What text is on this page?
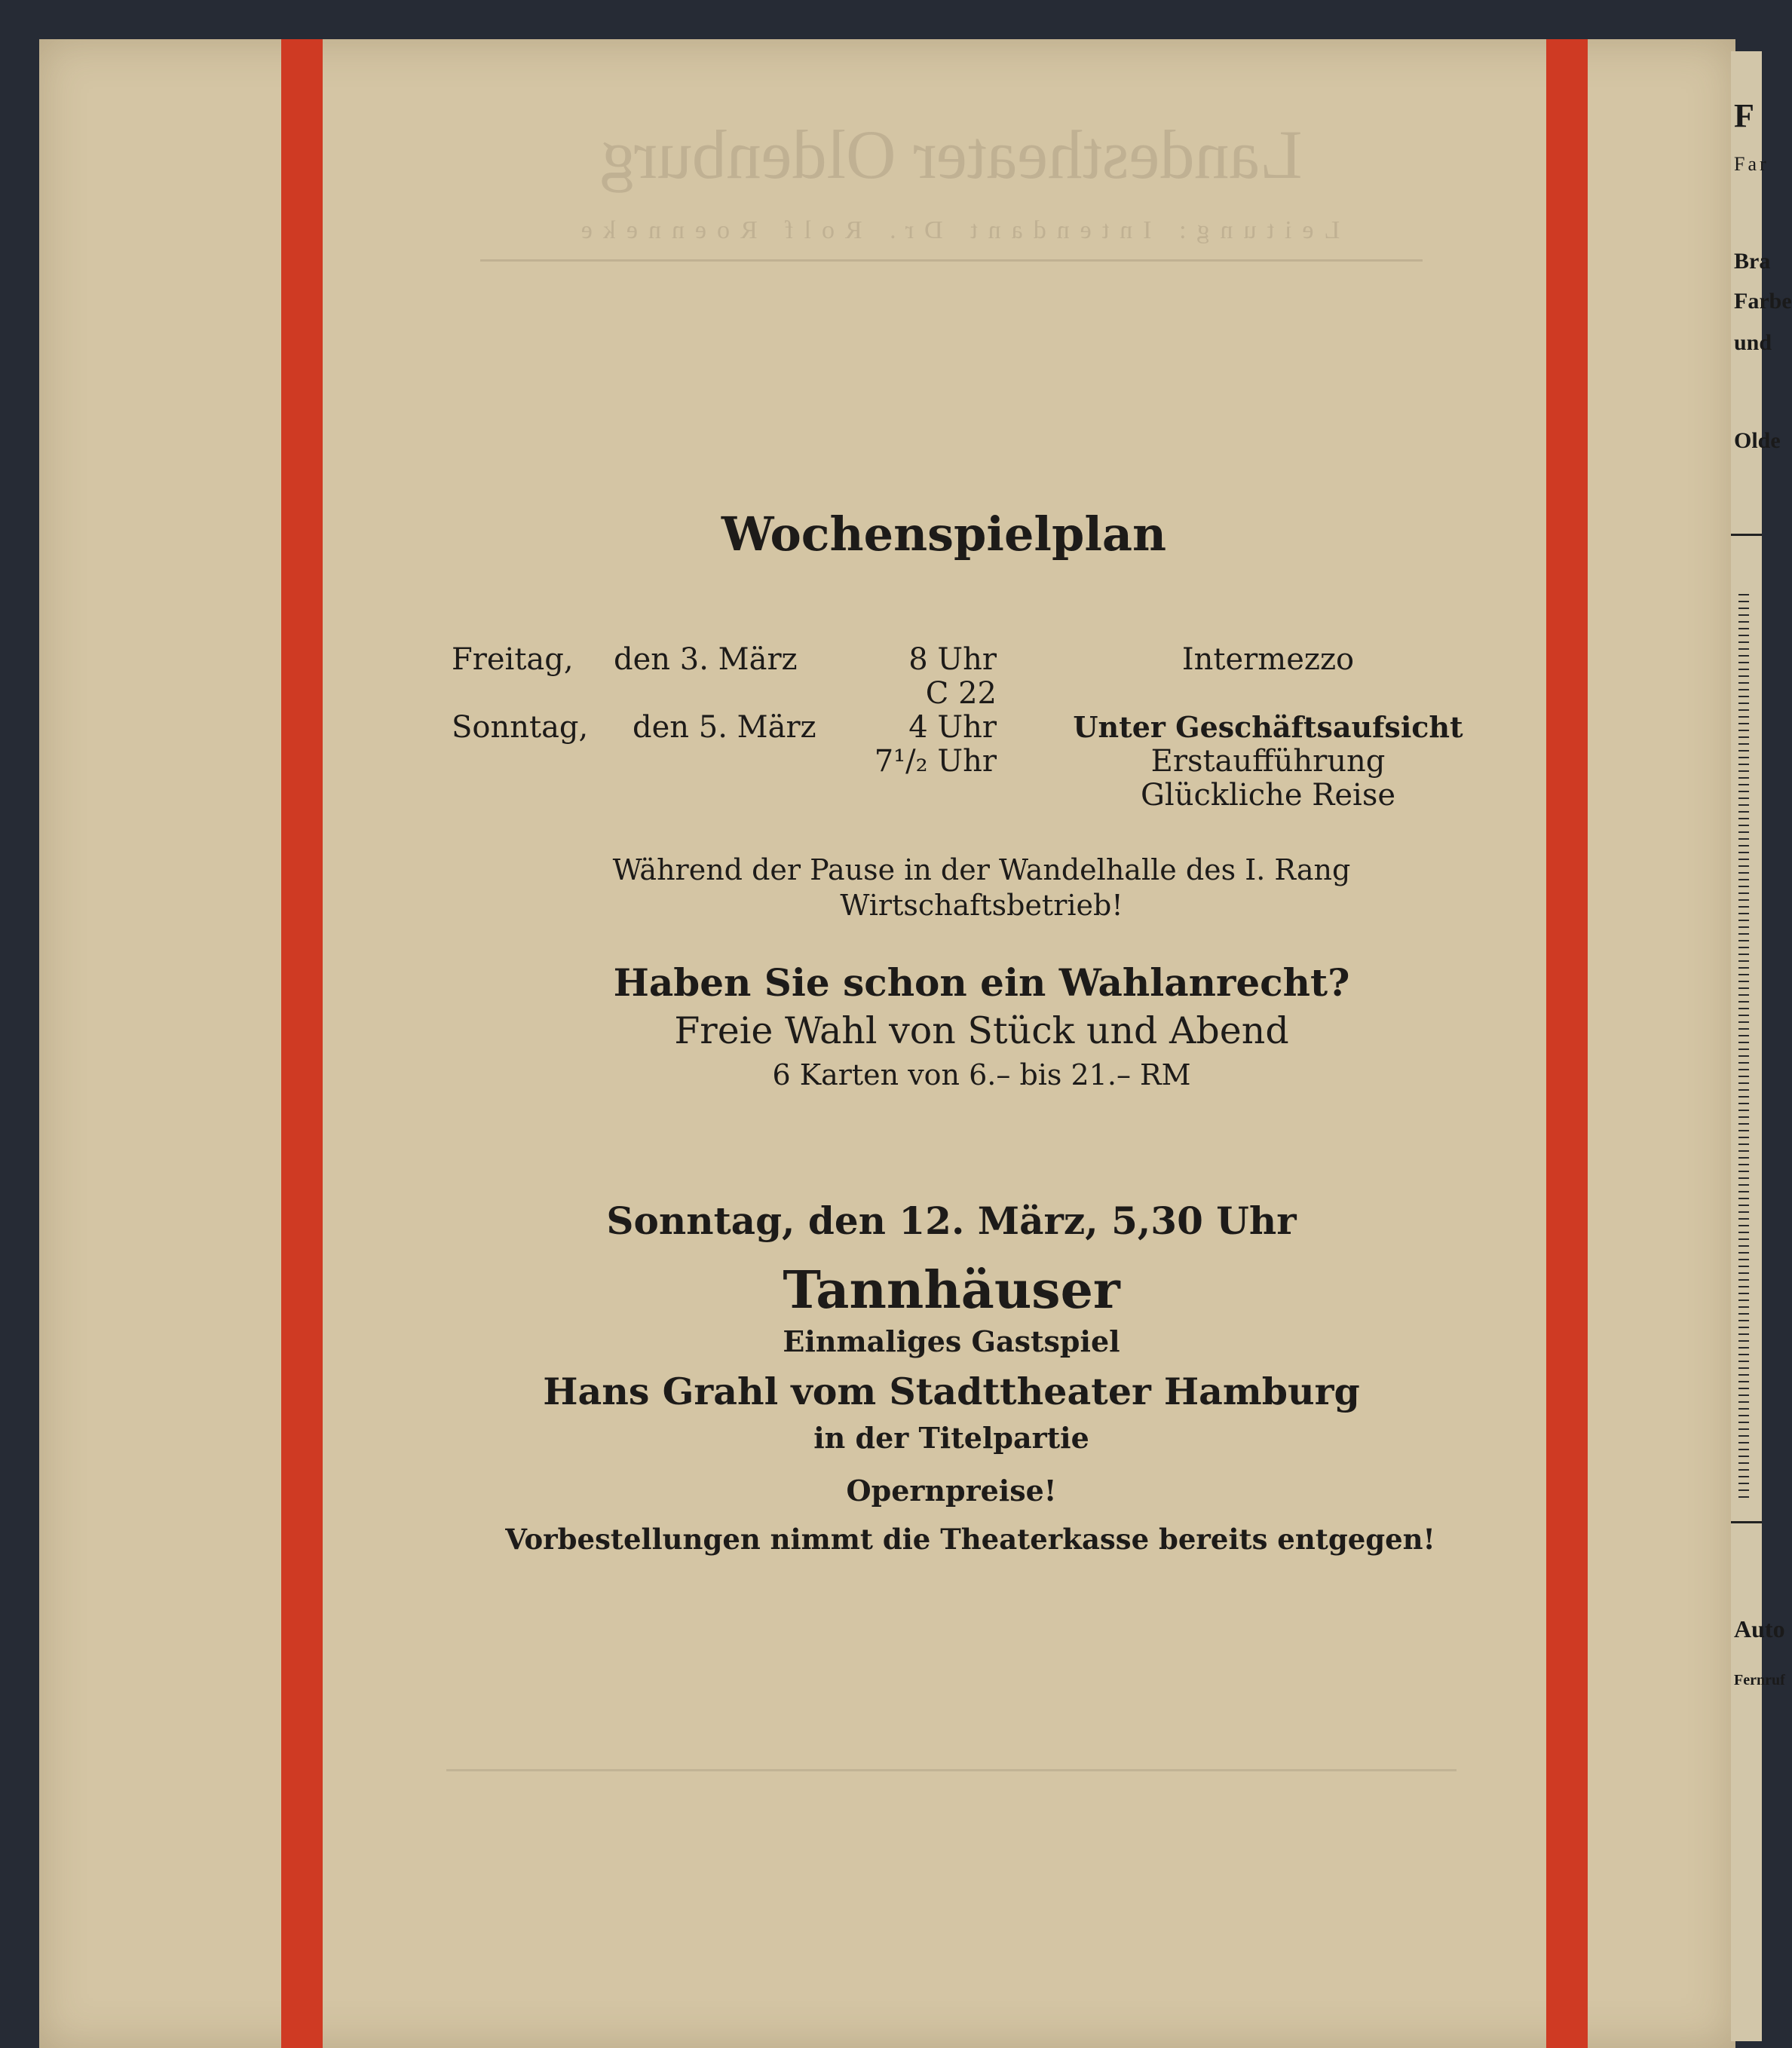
Landestheater Oldenburg
Leitung: Intendant Dr. Rolf Roenneke
Wochenspielplan
Freitag, den 3. März	8 Uhr	Intermezzo
C 22
Sonntag, den 5. März	4 Uhr	Unter Geschäftsaufsicht
7¹/₂ Uhr	Erstaufführung
Glückliche Reise
Während der Pause in der Wandelhalle des I. Rang
Wirtschaftsbetrieb!
Haben Sie schon ein Wahlanrecht?
Freie Wahl von Stück und Abend
6 Karten von 6.– bis 21.– RM
Sonntag, den 12. März, 5,30 Uhr
Tannhäuser
Einmaliges Gastspiel
Hans Grahl vom Stadttheater Hamburg
in der Titelpartie
Opernpreise!
Vorbestellungen nimmt die Theaterkasse bereits entgegen!
F
Far
Bra
Farbe
und
Olde
Auto
Fernruf
